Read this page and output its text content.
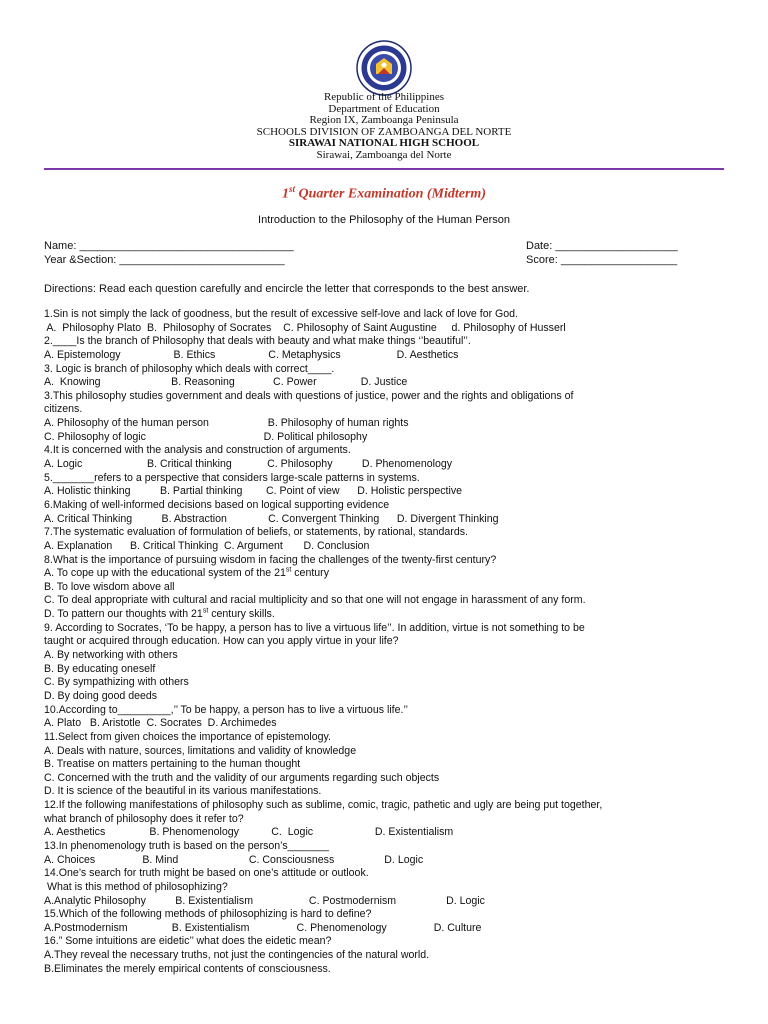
Republic of the Philippines
Department of Education
Region IX, Zamboanga Peninsula
SCHOOLS DIVISION OF ZAMBOANGA DEL NORTE
SIRAWAI NATIONAL HIGH SCHOOL
Sirawai, Zamboanga del Norte
1st Quarter Examination (Midterm)
Introduction to the Philosophy of the Human Person
Name: ___________________________________	Date: ____________________
Year &Section: ___________________________	Score: ___________________
Directions: Read each question carefully and encircle the letter that corresponds to the best answer.
1.Sin is not simply the lack of goodness, but the result of excessive self-love and lack of love for God.
A.  Philosophy Plato  B.  Philosophy of Socrates    C. Philosophy of Saint Augustine     d. Philosophy of Husserl
2.____Is the branch of Philosophy that deals with beauty and what make things ‘’beautiful’’.
A. Epistemology                  B. Ethics                  C. Metaphysics                   D. Aesthetics
3. Logic is branch of philosophy which deals with correct____.
A.  Knowing                        B. Reasoning             C. Power               D. Justice
3.This philosophy studies government and deals with questions of justice, power and the rights and obligations of
citizens.
A. Philosophy of the human person                    B. Philosophy of human rights
C. Philosophy of logic                                        D. Political philosophy
4.It is concerned with the analysis and construction of arguments.
A. Logic                      B. Critical thinking            C. Philosophy          D. Phenomenology
5._______refers to a perspective that considers large-scale patterns in systems.
A. Holistic thinking          B. Partial thinking        C. Point of view      D. Holistic perspective
6.Making of well-informed decisions based on logical supporting evidence
A. Critical Thinking          B. Abstraction              C. Convergent Thinking      D. Divergent Thinking
7.The systematic evaluation of formulation of beliefs, or statements, by rational, standards.
A. Explanation      B. Critical Thinking  C. Argument       D. Conclusion
8.What is the importance of pursuing wisdom in facing the challenges of the twenty-first century?
A. To cope up with the educational system of the 21st century
B. To love wisdom above all
C. To deal appropriate with cultural and racial multiplicity and so that one will not engage in harassment of any form.
D. To pattern our thoughts with 21st century skills.
9. According to Socrates, ‘To be happy, a person has to live a virtuous life’’. In addition, virtue is not something to be
taught or acquired through education. How can you apply virtue in your life?
A. By networking with others
B. By educating oneself
C. By sympathizing with others
D. By doing good deeds
10.According to_________,’’ To be happy, a person has to live a virtuous life.’’
A. Plato   B. Aristotle  C. Socrates  D. Archimedes
11.Select from given choices the importance of epistemology.
A. Deals with nature, sources, limitations and validity of knowledge
B. Treatise on matters pertaining to the human thought
C. Concerned with the truth and the validity of our arguments regarding such objects
D. It is science of the beautiful in its various manifestations.
12.If the following manifestations of philosophy such as sublime, comic, tragic, pathetic and ugly are being put together,
what branch of philosophy does it refer to?
A. Aesthetics               B. Phenomenology           C.  Logic                     D. Existentialism
13.In phenomenology truth is based on the person’s_______
A. Choices                B. Mind                        C. Consciousness                 D. Logic
14.One’s search for truth might be based on one’s attitude or outlook.
What is this method of philosophizing?
A.Analytic Philosophy          B. Existentialism                   C. Postmodernism                 D. Logic
15.Which of the following methods of philosophizing is hard to define?
A.Postmodernism               B. Existentialism                C. Phenomenology                D. Culture
16.” Some intuitions are eidetic’’ what does the eidetic mean?
A.They reveal the necessary truths, not just the contingencies of the natural world.
B.Eliminates the merely empirical contents of consciousness.
